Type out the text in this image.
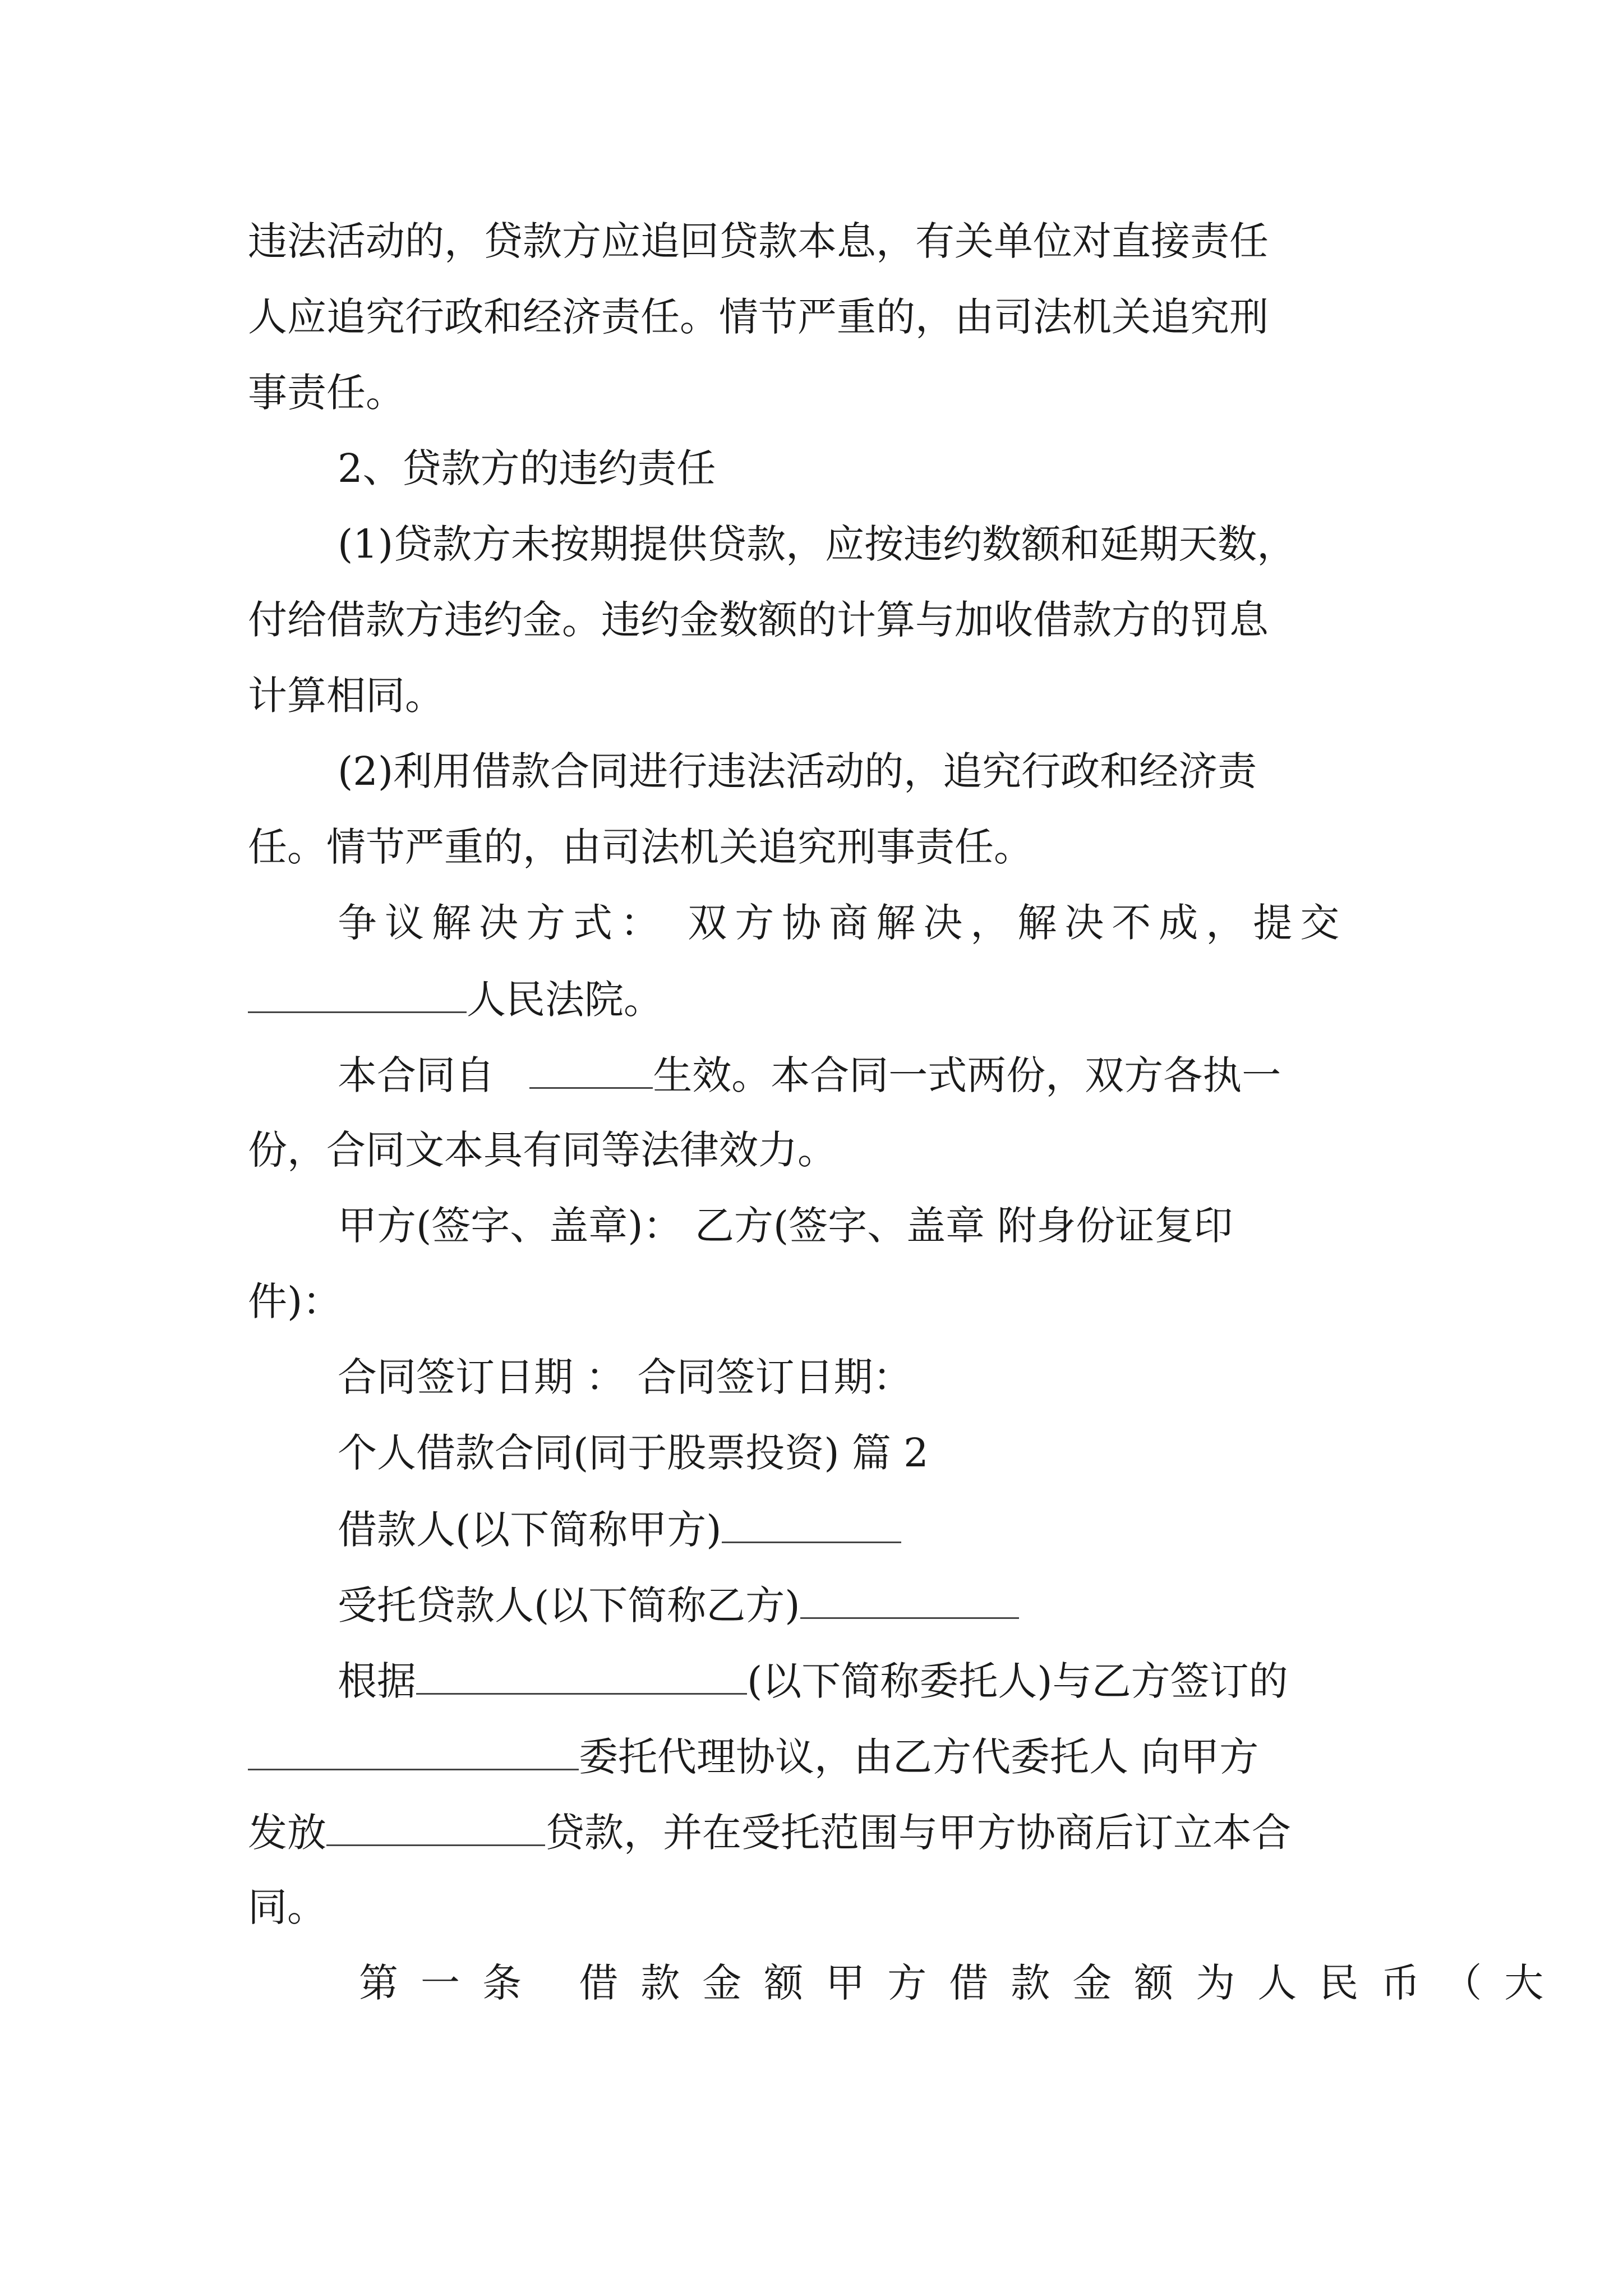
违法活动的，贷款方应追回贷款本息，有关单位对直接责任
人应追究行政和经济责任。情节严重的，由司法机关追究刑
事责任。
2、贷款方的违约责任
(1)贷款方未按期提供贷款，应按违约数额和延期天数，
付给借款方违约金。违约金数额的计算与加收借款方的罚息
计算相同。
(2)利用借款合同进行违法活动的，追究行政和经济责
任。情节严重的，由司法机关追究刑事责任。
争议解决方式： 双方协商解决，解决不成，提交
人民法院。
本合同自	生效。本合同一式两份，双方各执一
份，合同文本具有同等法律效力。
甲方(签字、盖章)： 乙方(签字、盖章 附身份证复印
件)：
合同签订日期 ： 合同签订日期：
个人借款合同(同于股票投资) 篇 2
借款人(以下简称甲方)
受托贷款人(以下简称乙方)
根据	(以下简称委托人)与乙方签订的
委托代理协议，由乙方代委托人 向甲方
发放	贷款，并在受托范围与甲方协商后订立本合
同。
第一条 借款金额甲方借款金额为人民币（大
